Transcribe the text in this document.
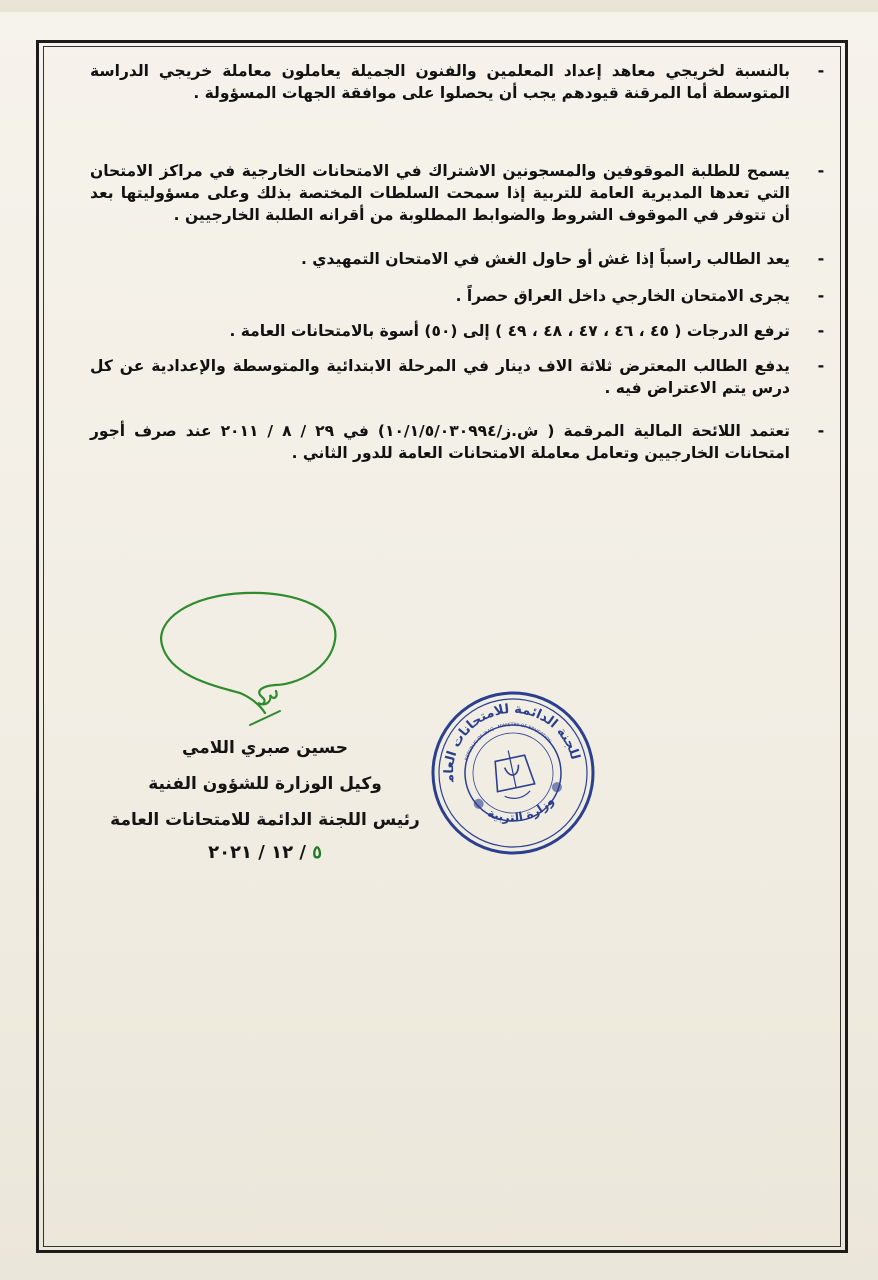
-
بالنسبة لخريجي معاهد إعداد المعلمين والفنون الجميلة يعاملون معاملة خريجي الدراسة المتوسطة أما المرقنة قيودهم يجب أن يحصلوا على موافقة الجهات المسؤولة .
-
يسمح للطلبة الموقوفين والمسجونين الاشتراك في الامتحانات الخارجية في مراكز الامتحان التي تعدها المديرية العامة للتربية إذا سمحت السلطات المختصة بذلك وعلى مسؤوليتها بعد أن تتوفر في الموقوف الشروط والضوابط المطلوبة من أقرانه الطلبة الخارجيين .
-
يعد الطالب راسباً إذا غش أو حاول الغش في الامتحان التمهيدي .
-
يجرى الامتحان الخارجي داخل العراق حصراً .
-
ترفع الدرجات ( ٤٥ ، ٤٦ ، ٤٧ ، ٤٨ ، ٤٩ ) إلى (٥٠) أسوة بالامتحانات العامة .
-
يدفع الطالب المعترض ثلاثة الاف دينار في المرحلة الابتدائية والمتوسطة والإعدادية عن كل درس يتم الاعتراض فيه .
-
تعتمد اللائحة المالية المرقمة ( ش.ز/١٠/١/٥/٠٣٠٩٩٤) في ٢٩ / ٨ / ٢٠١١ عند صرف أجور امتحانات الخارجيين وتعامل معاملة الامتحانات العامة للدور الثاني .
حسين صبري اللامي
وكيل الوزارة للشؤون الفنية
رئيس اللجنة الدائمة للامتحانات العامة
٥ / ١٢ / ٢٠٢١
اللجنة الدائمة للامتحانات العامة
وزارة التربية
REPUBLIC OF IRAQ · MINISTRY OF EDUCATION
